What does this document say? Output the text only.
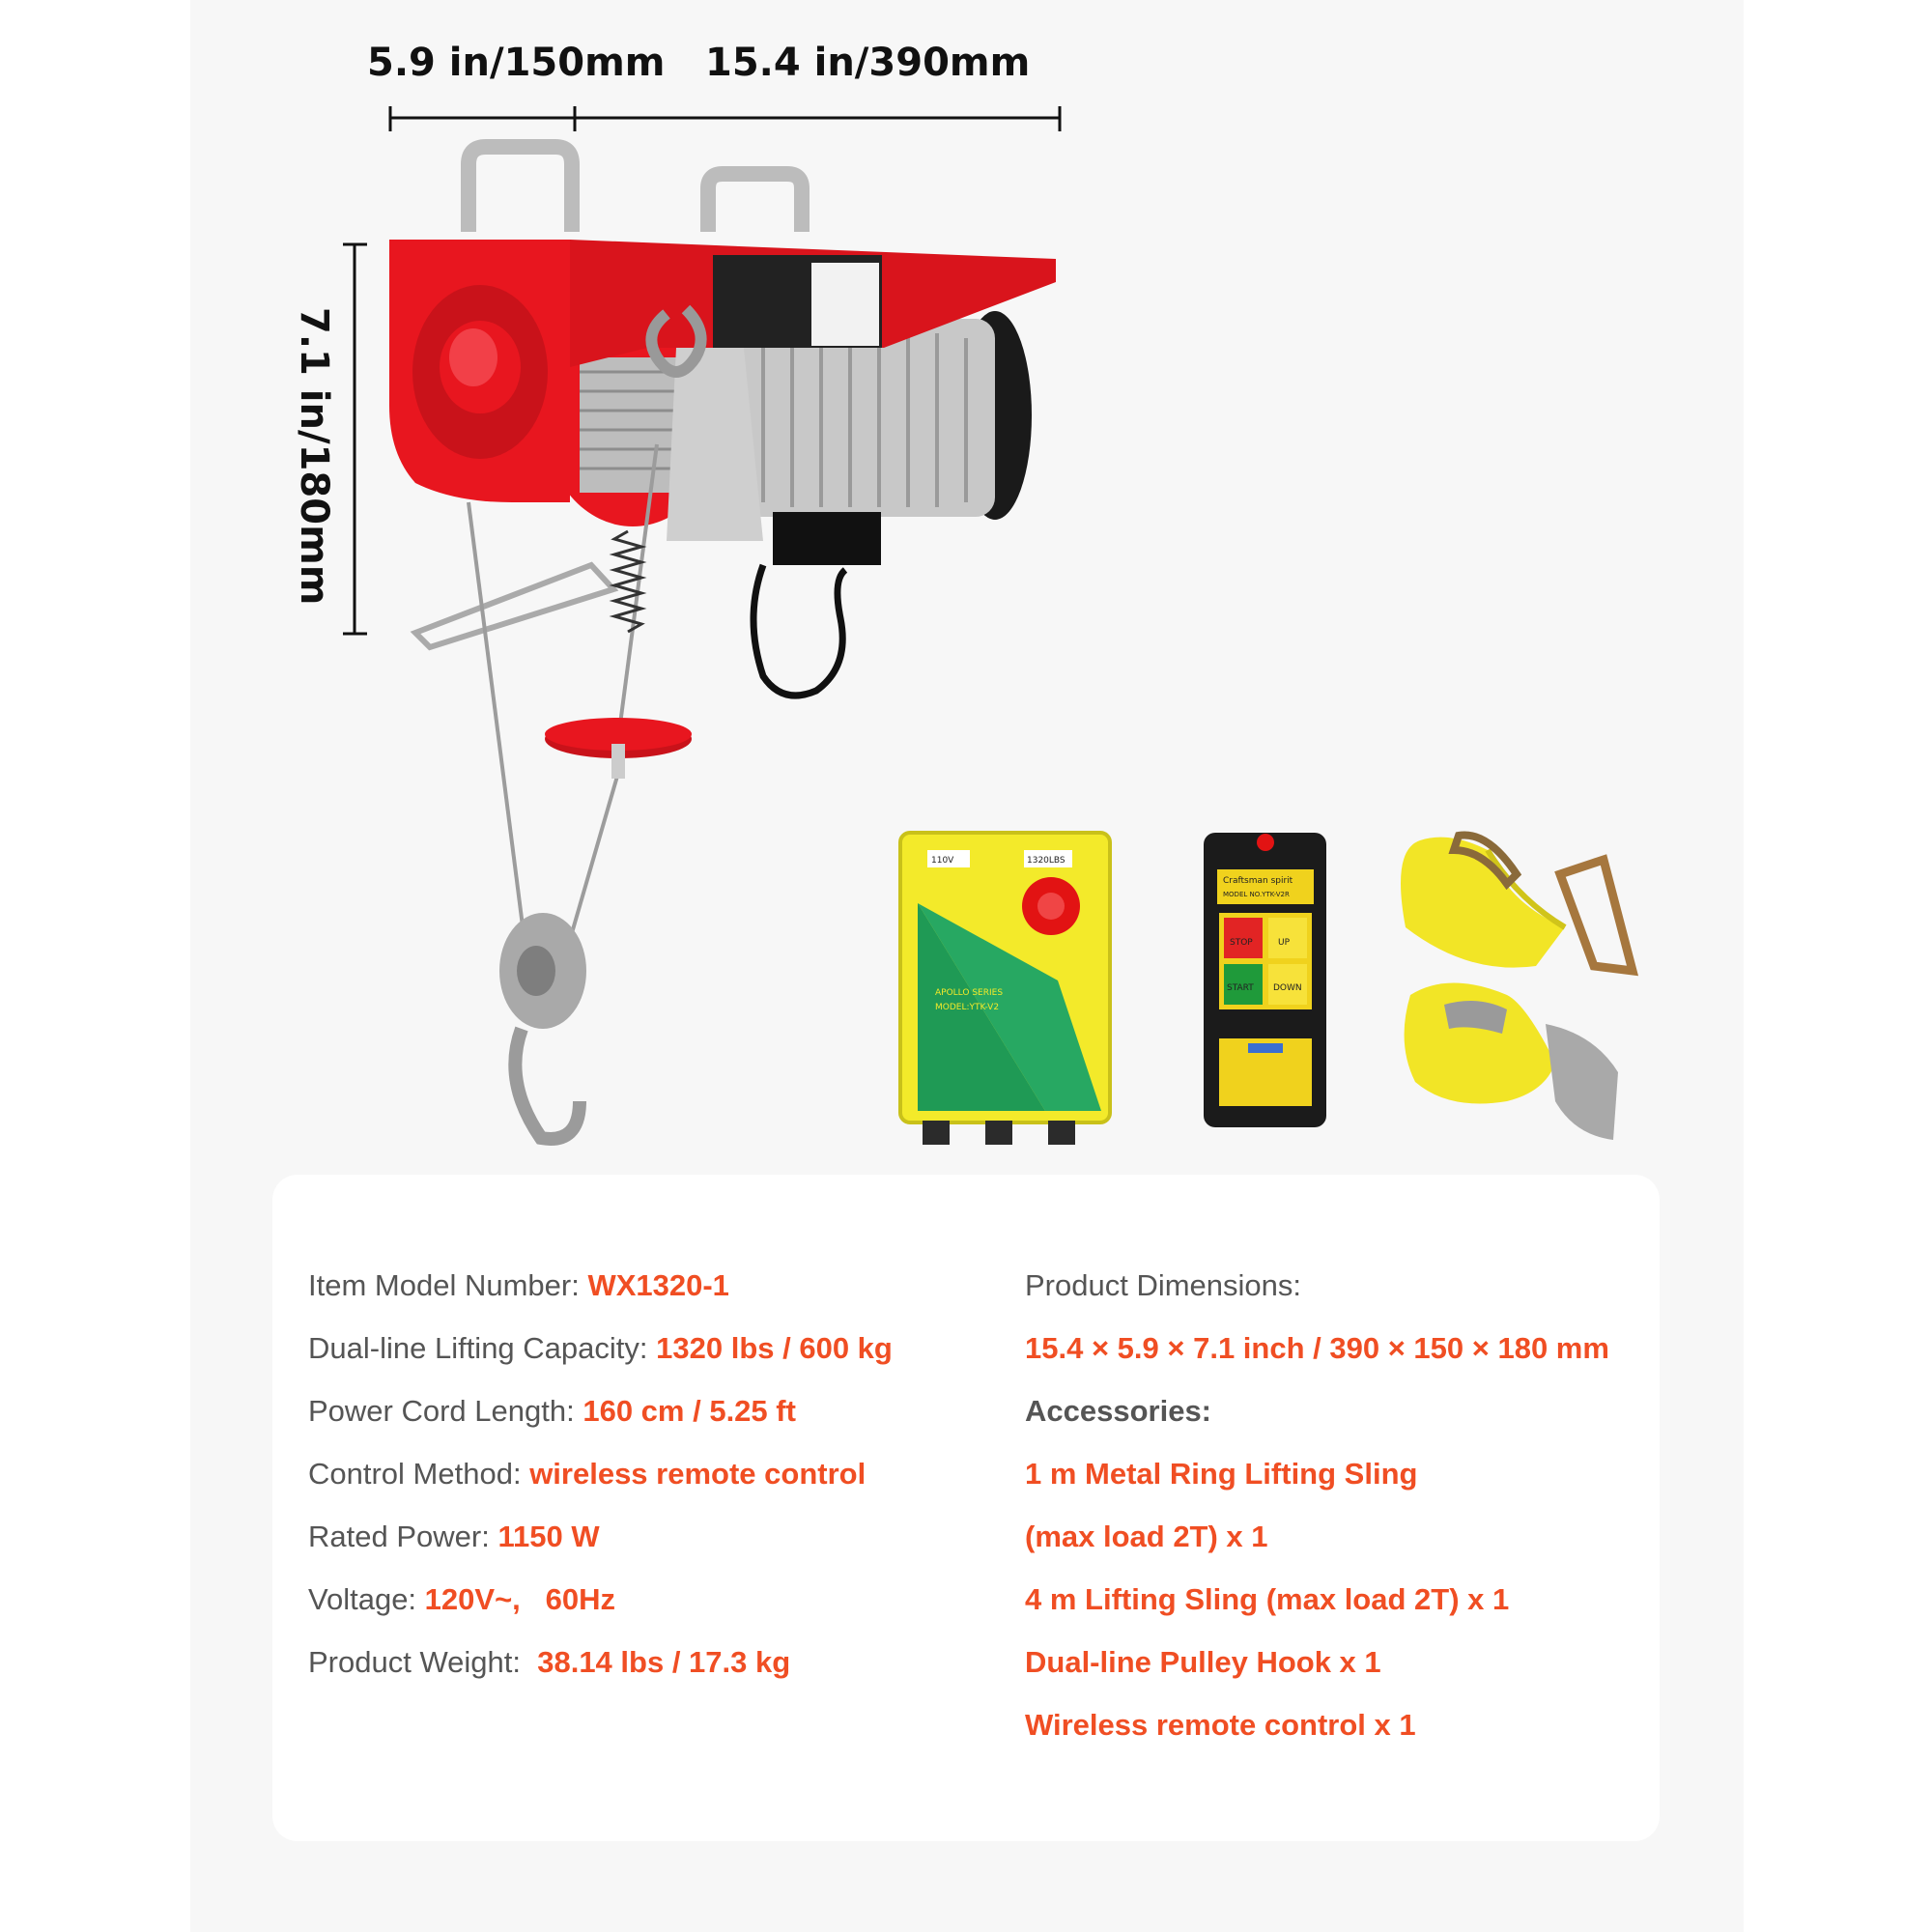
5.9 in/150mm 15.4 in/390mm
7.1 in/180mm
110V	1320LBS
APOLLO SERIES
MODEL:YTK-V2
Craftsman spirit
MODEL NO.YTK-V2R
STOP	UP
START DOWN
Item Model Number: WX1320-1
Dual-line Lifting Capacity: 1320 lbs / 600 kg
Power Cord Length: 160 cm / 5.25 ft
Control Method: wireless remote control
Rated Power: 1150 W
Voltage: 120V~,   60Hz
Product Weight:  38.14 lbs / 17.3 kg
Product Dimensions:
15.4 × 5.9 × 7.1 inch / 390 × 150 × 180 mm
Accessories:
1 m Metal Ring Lifting Sling
(max load 2T) x 1
4 m Lifting Sling (max load 2T) x 1
Dual-line Pulley Hook x 1
Wireless remote control x 1
